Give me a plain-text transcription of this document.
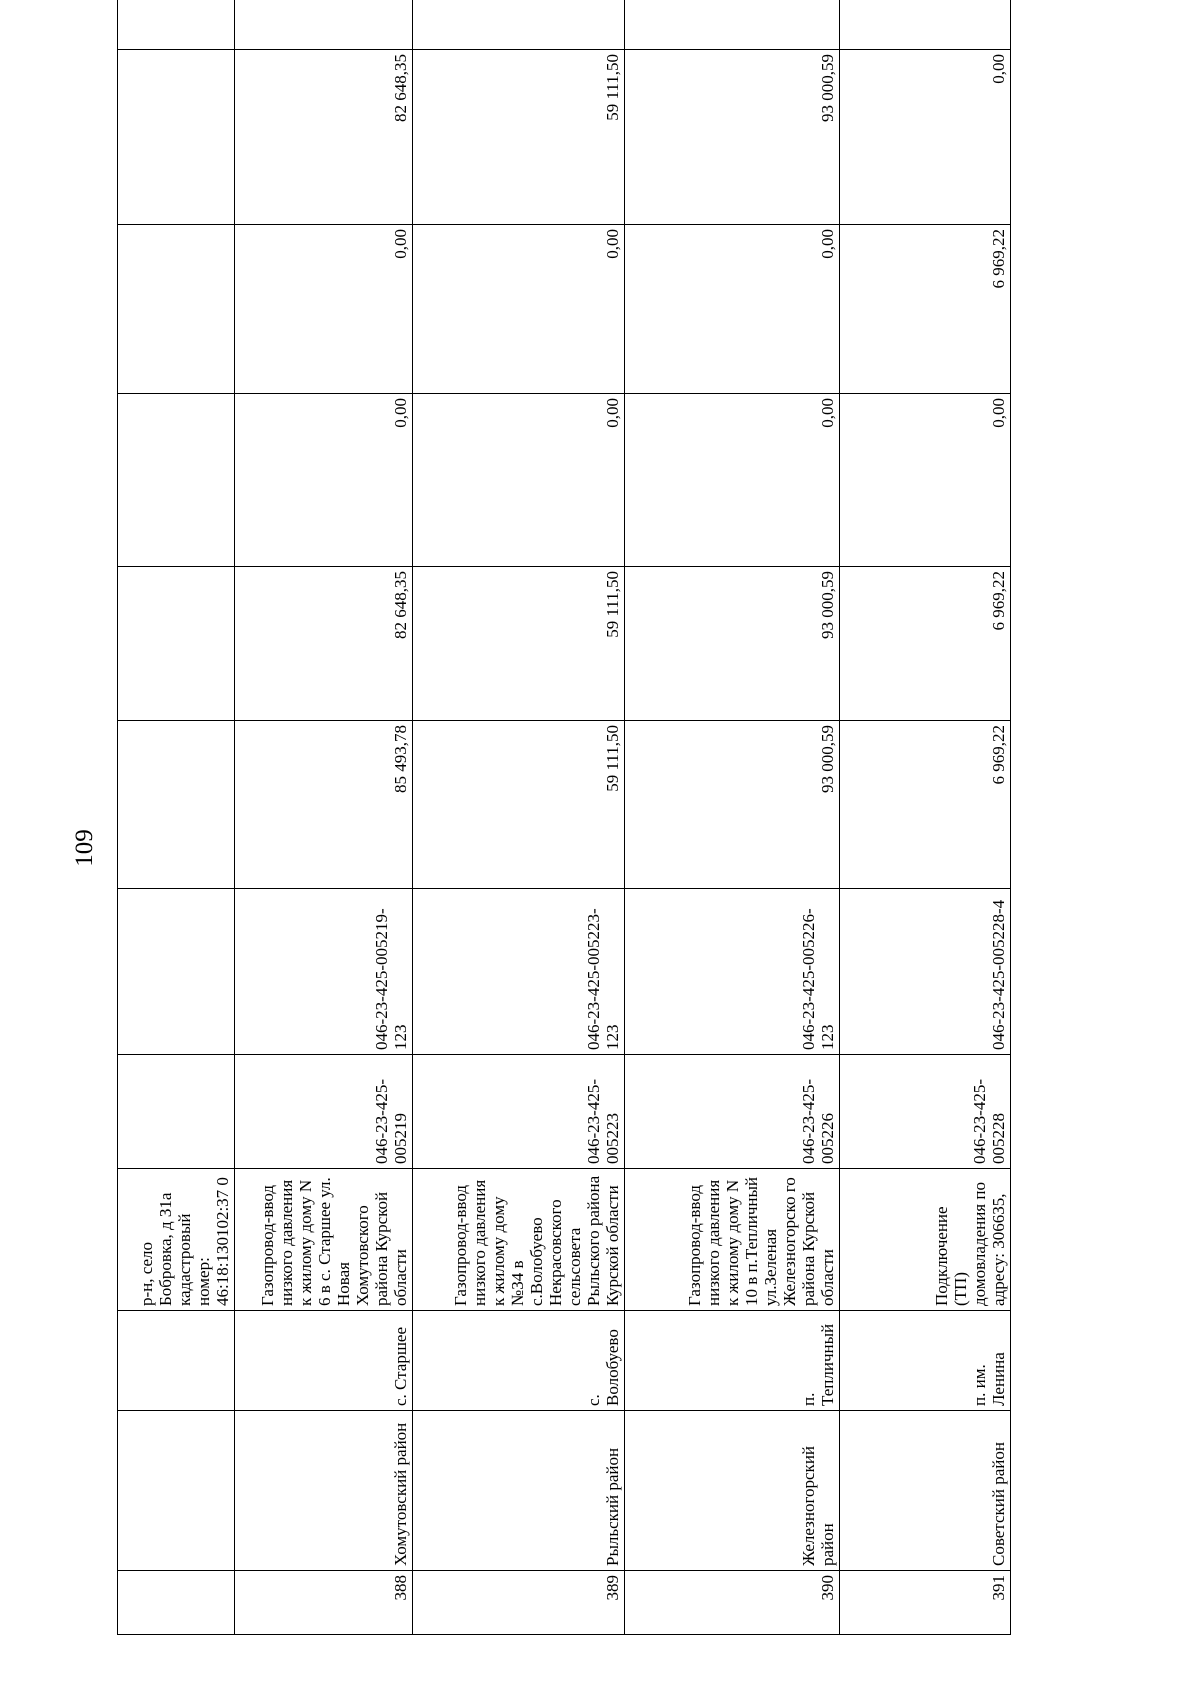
109
			р-н, село Бобровка, д 31а кадастровый номер: 46:18:130102:37 0								
388	Хомутовский район	с. Старшее	Газопровод-ввод низкого давления к жилому дому N 6 в с. Старшее ул. Новая Хомутовского района Курской области	046-23-425-005219	046-23-425-005219-123	85 493,78	82 648,35	0,00	0,00	82 648,35	
389	Рыльский район	с. Волобуево	Газопровод-ввод низкого давления к жилому дому №34 в с.Волобуево Некрасовского сельсовета Рыльского района Курской области	046-23-425-005223	046-23-425-005223-123	59 111,50	59 111,50	0,00	0,00	59 111,50	
390	Железногорский район	п. Тепличный	Газопровод-ввод низкого давления к жилому дому N 10 в п.Тепличный ул.Зеленая Железногорско го района Курской области	046-23-425-005226	046-23-425-005226-123	93 000,59	93 000,59	0,00	0,00	93 000,59	
391	Советский район	п. им. Ленина	Подключение (ТП) домовладения по адресу: 306635,	046-23-425-005228	046-23-425-005228-4	6 969,22	6 969,22	0,00	6 969,22	0,00	
